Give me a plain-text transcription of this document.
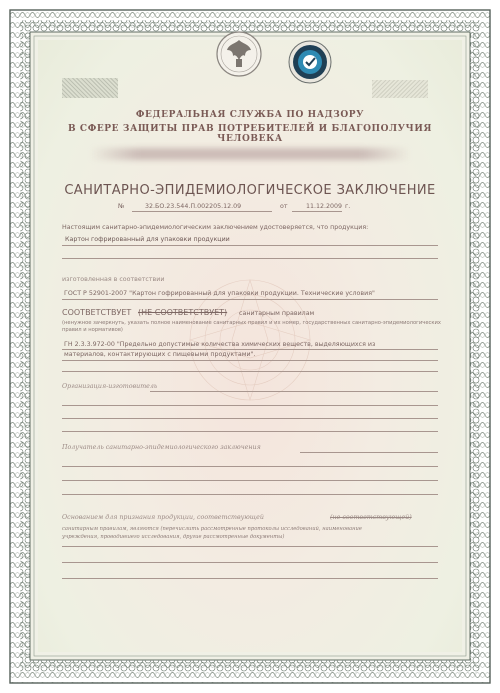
ФЕДЕРАЛЬНАЯ СЛУЖБА ПО НАДЗОРУ
В СФЕРЕ ЗАЩИТЫ ПРАВ ПОТРЕБИТЕЛЕЙ И БЛАГОПОЛУЧИЯ ЧЕЛОВЕКА
САНИТАРНО-ЭПИДЕМИОЛОГИЧЕСКОЕ ЗАКЛЮЧЕНИЕ
№	32.БО.23.544.П.002205.12.09	от	11.12.2009 г.
Настоящим санитарно-эпидемиологическим заключением удостоверяется, что продукция:
Картон гофрированный для упаковки продукции
изготовленная в соответствии
ГОСТ Р 52901-2007 "Картон гофрированный для упаковки продукции. Технические условия"
СООТВЕТСТВУЕТ (НЕ СООТВЕТСТВУЕТ) санитарным правилам
(ненужное зачеркнуть, указать полное наименование санитарных правил и их номер, государственных санитарно-эпидемиологических
правил и нормативов)
ГН 2.3.3.972-00 "Предельно допустимые количества химических веществ, выделяющихся из
материалов, контактирующих с пищевыми продуктами".
Организация-изготовитель
Получатель санитарно-эпидемиологического заключения
Основанием для признания продукции, соответствующей	(не соответствующей)
санитарным правилам, являются (перечислить рассмотренные протоколы исследований, наименование
учреждения, проводившего исследования, другие рассмотренные документы)
